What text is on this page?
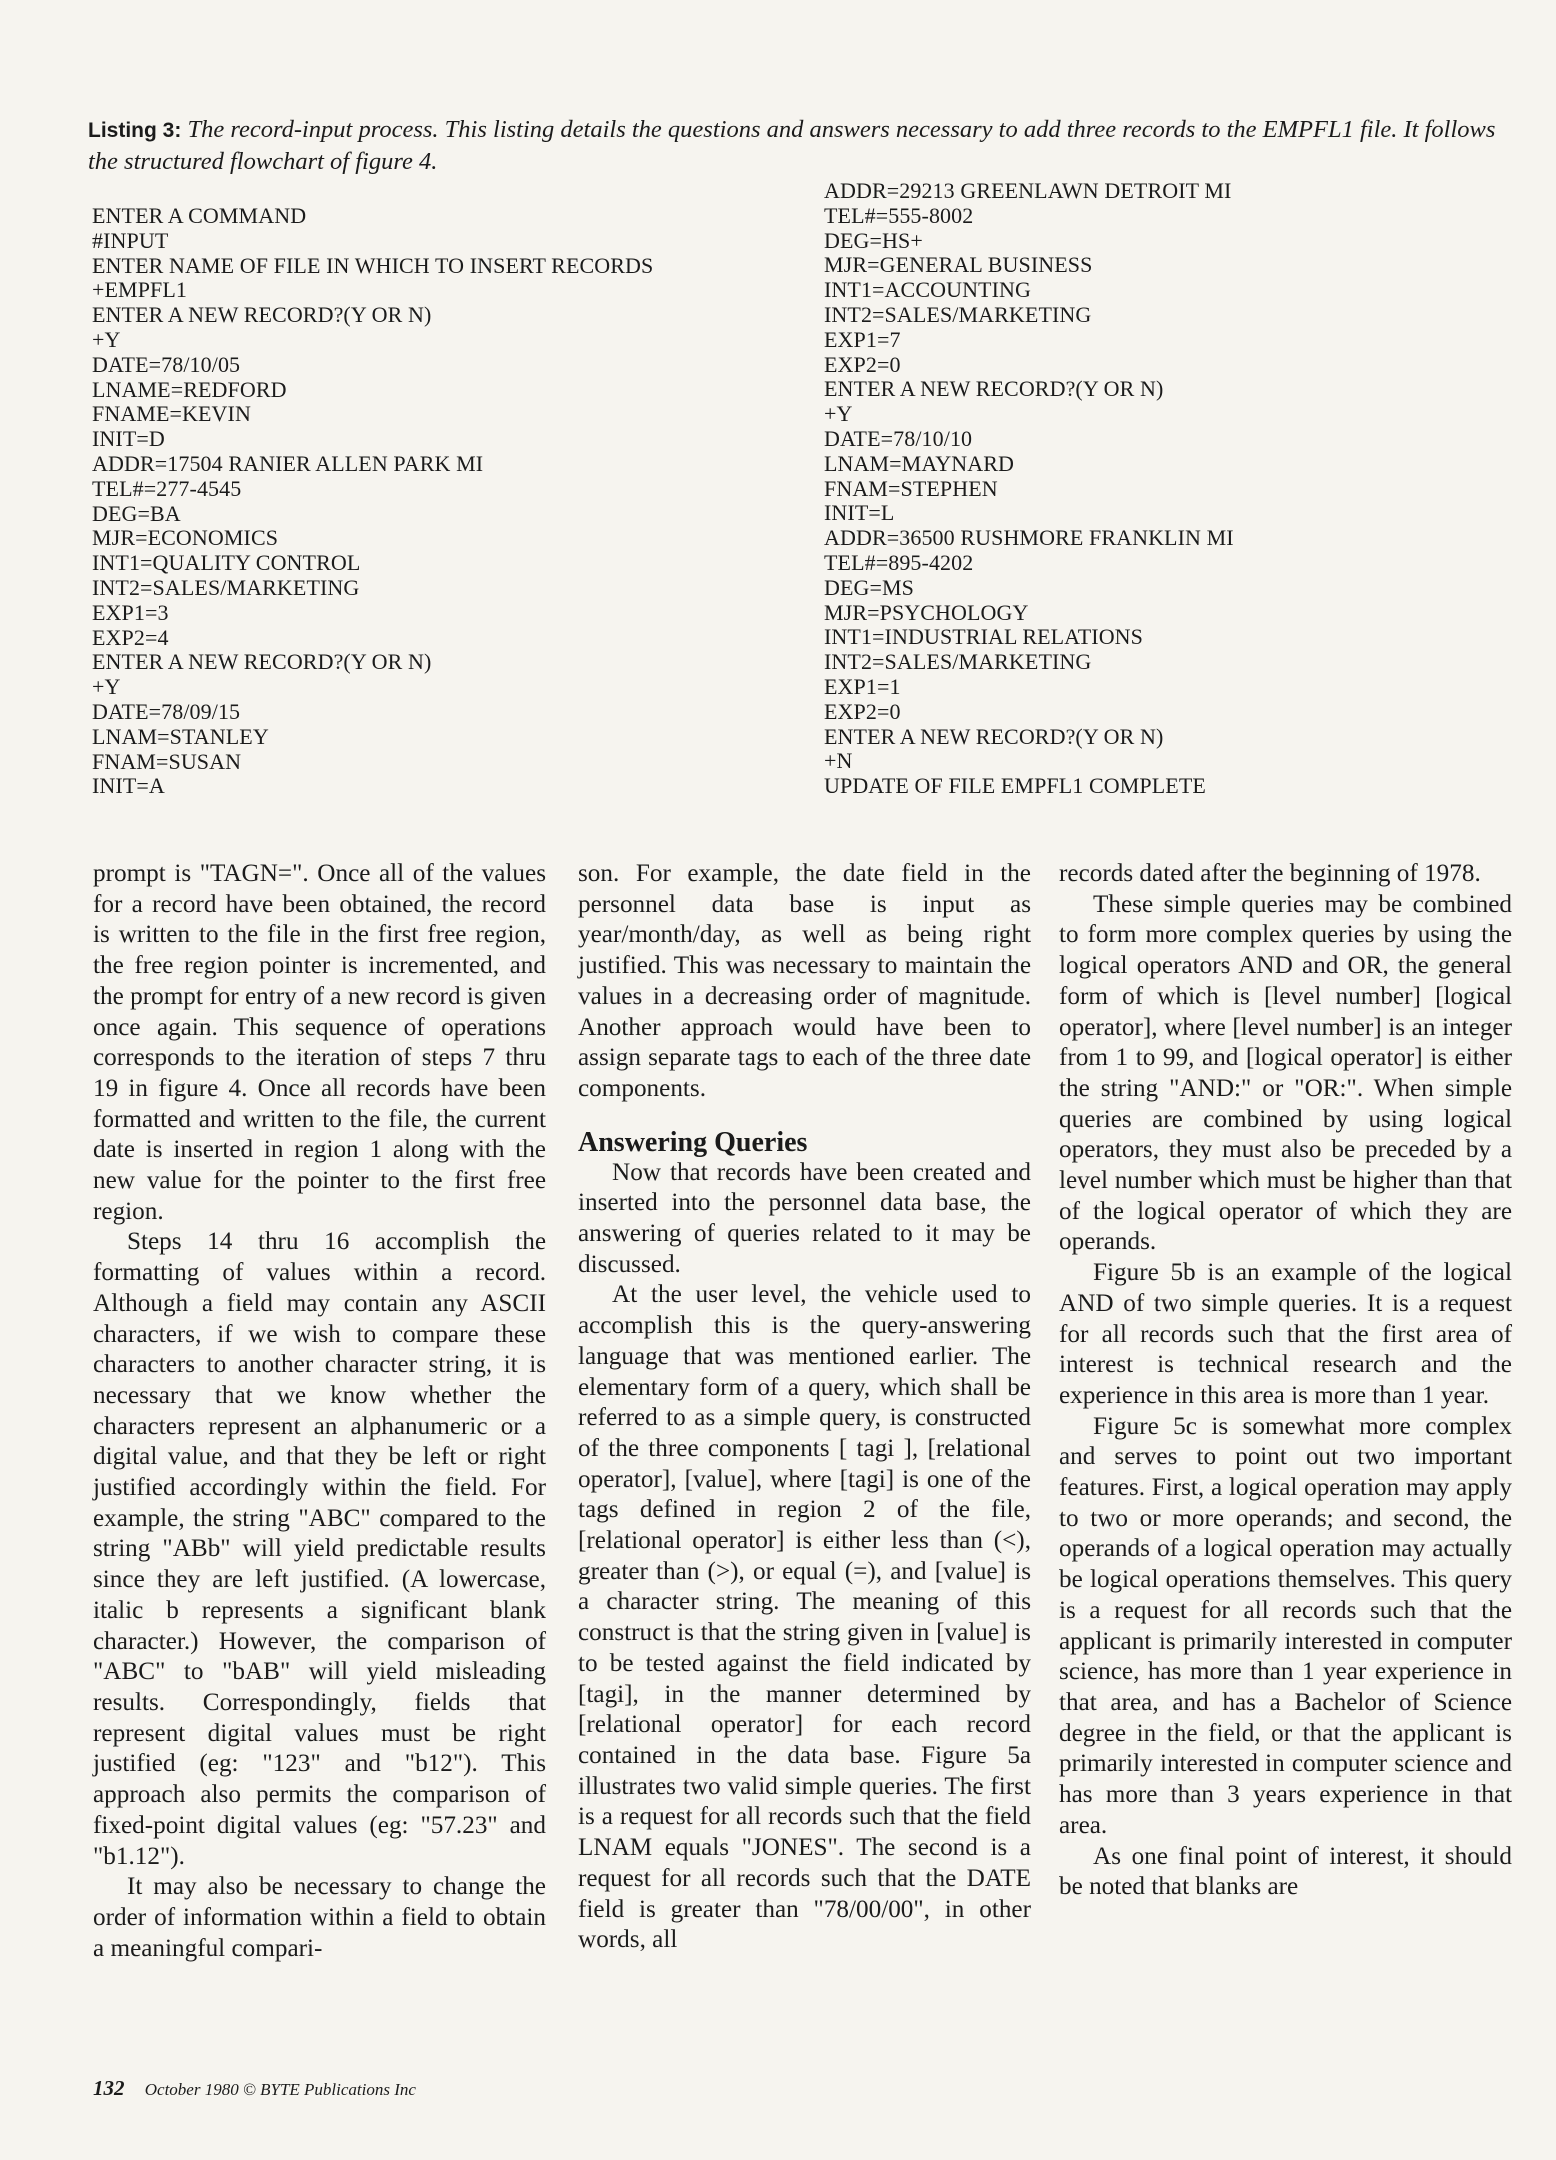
Listing 3: The record-input process. This listing details the questions and answers necessary to add three records to the EMPFL1 file. It follows the structured flowchart of figure 4.
ENTER A COMMAND
#INPUT
ENTER NAME OF FILE IN WHICH TO INSERT RECORDS
+EMPFL1
ENTER A NEW RECORD?(Y OR N)
+Y
DATE=78/10/05
LNAME=REDFORD
FNAME=KEVIN
INIT=D
ADDR=17504 RANIER ALLEN PARK MI
TEL#=277-4545
DEG=BA
MJR=ECONOMICS
INT1=QUALITY CONTROL
INT2=SALES/MARKETING
EXP1=3
EXP2=4
ENTER A NEW RECORD?(Y OR N)
+Y
DATE=78/09/15
LNAM=STANLEY
FNAM=SUSAN
INIT=A
ADDR=29213 GREENLAWN DETROIT MI
TEL#=555-8002
DEG=HS+
MJR=GENERAL BUSINESS
INT1=ACCOUNTING
INT2=SALES/MARKETING
EXP1=7
EXP2=0
ENTER A NEW RECORD?(Y OR N)
+Y
DATE=78/10/10
LNAM=MAYNARD
FNAM=STEPHEN
INIT=L
ADDR=36500 RUSHMORE FRANKLIN MI
TEL#=895-4202
DEG=MS
MJR=PSYCHOLOGY
INT1=INDUSTRIAL RELATIONS
INT2=SALES/MARKETING
EXP1=1
EXP2=0
ENTER A NEW RECORD?(Y OR N)
+N
UPDATE OF FILE EMPFL1 COMPLETE

prompt is "TAGN=". Once all of the values for a record have been obtained, the record is written to the file in the first free region, the free region pointer is incremented, and the prompt for entry of a new record is given once again. This sequence of operations corresponds to the iteration of steps 7 thru 19 in figure 4. Once all records have been formatted and written to the file, the current date is inserted in region 1 along with the new value for the pointer to the first free region.

Steps 14 thru 16 accomplish the formatting of values within a record. Although a field may contain any ASCII characters, if we wish to compare these characters to another character string, it is necessary that we know whether the characters represent an alphanumeric or a digital value, and that they be left or right justified accordingly within the field. For example, the string "ABC" compared to the string "ABb" will yield predictable results since they are left justified. (A lowercase, italic b represents a significant blank character.) However, the comparison of "ABC" to "bAB" will yield misleading results. Correspondingly, fields that represent digital values must be right justified (eg: "123" and "b12"). This approach also permits the comparison of fixed-point digital values (eg: "57.23" and "b1.12").

It may also be necessary to change the order of information within a field to obtain a meaningful compari-

son. For example, the date field in the personnel data base is input as year/month/day, as well as being right justified. This was necessary to maintain the values in a decreasing order of magnitude. Another approach would have been to assign separate tags to each of the three date components.

Answering Queries

Now that records have been created and inserted into the personnel data base, the answering of queries related to it may be discussed.

At the user level, the vehicle used to accomplish this is the query-answering language that was mentioned earlier. The elementary form of a query, which shall be referred to as a simple query, is constructed of the three components [ tagi ], [relational operator], [value], where [tagi] is one of the tags defined in region 2 of the file, [relational operator] is either less than (<), greater than (>), or equal (=), and [value] is a character string. The meaning of this construct is that the string given in [value] is to be tested against the field indicated by [tagi], in the manner determined by [relational operator] for each record contained in the data base. Figure 5a illustrates two valid simple queries. The first is a request for all records such that the field LNAM equals "JONES". The second is a request for all records such that the DATE field is greater than "78/00/00", in other words, all

records dated after the beginning of 1978.

These simple queries may be combined to form more complex queries by using the logical operators AND and OR, the general form of which is [level number] [logical operator], where [level number] is an integer from 1 to 99, and [logical operator] is either the string "AND:" or "OR:". When simple queries are combined by using logical operators, they must also be preceded by a level number which must be higher than that of the logical operator of which they are operands.

Figure 5b is an example of the logical AND of two simple queries. It is a request for all records such that the first area of interest is technical research and the experience in this area is more than 1 year.

Figure 5c is somewhat more complex and serves to point out two important features. First, a logical operation may apply to two or more operands; and second, the operands of a logical operation may actually be logical operations themselves. This query is a request for all records such that the applicant is primarily interested in computer science, has more than 1 year experience in that area, and has a Bachelor of Science degree in the field, or that the applicant is primarily interested in computer science and has more than 3 years experience in that area.

As one final point of interest, it should be noted that blanks are

132 October 1980 © BYTE Publications Inc
